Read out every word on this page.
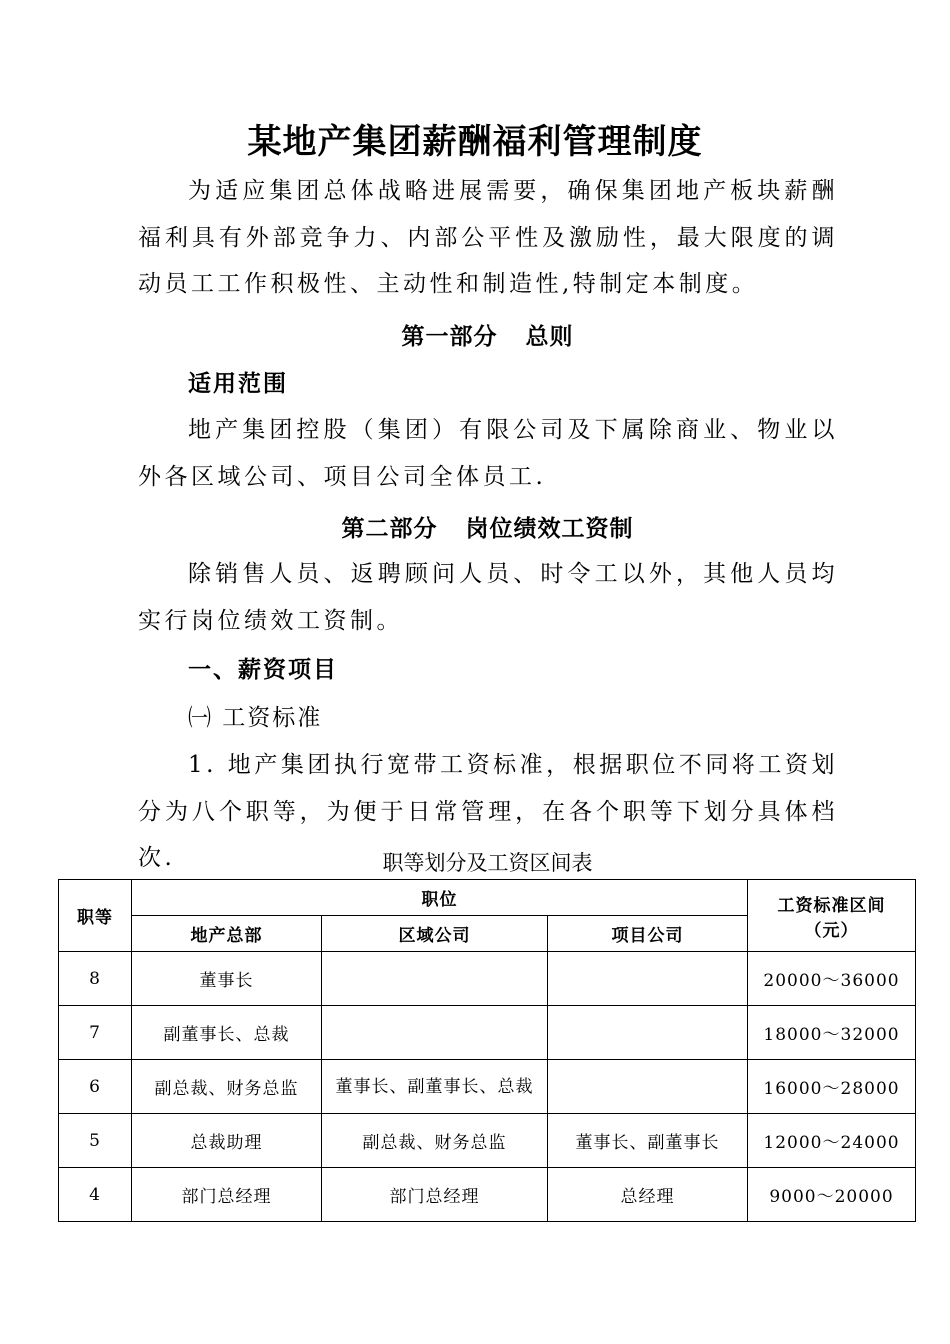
某地产集团薪酬福利管理制度

为适应集团总体战略进展需要，确保集团地产板块薪酬福利具有外部竞争力、内部公平性及激励性，最大限度的调动员工工作积极性、主动性和制造性,特制定本制度。

第一部分 总则

适用范围

地产集团控股（集团）有限公司及下属除商业、物业以外各区域公司、项目公司全体员工.

第二部分 岗位绩效工资制

除销售人员、返聘顾问人员、时令工以外，其他人员均实行岗位绩效工资制。

一、薪资项目

㈠ 工资标准

1. 地产集团执行宽带工资标准，根据职位不同将工资划分为八个职等，为便于日常管理，在各个职等下划分具体档次.	职等划分及工资区间表

职等	职位			工资标准区间
（元）
	地产总部	区域公司	项目公司	
8	董事长			20000～36000
7	副董事长、总裁			18000～32000
6	副总裁、财务总监	董事长、副董事长、总裁		16000～28000
5	总裁助理	副总裁、财务总监	董事长、副董事长	12000～24000
4	部门总经理	部门总经理	总经理	9000～20000
